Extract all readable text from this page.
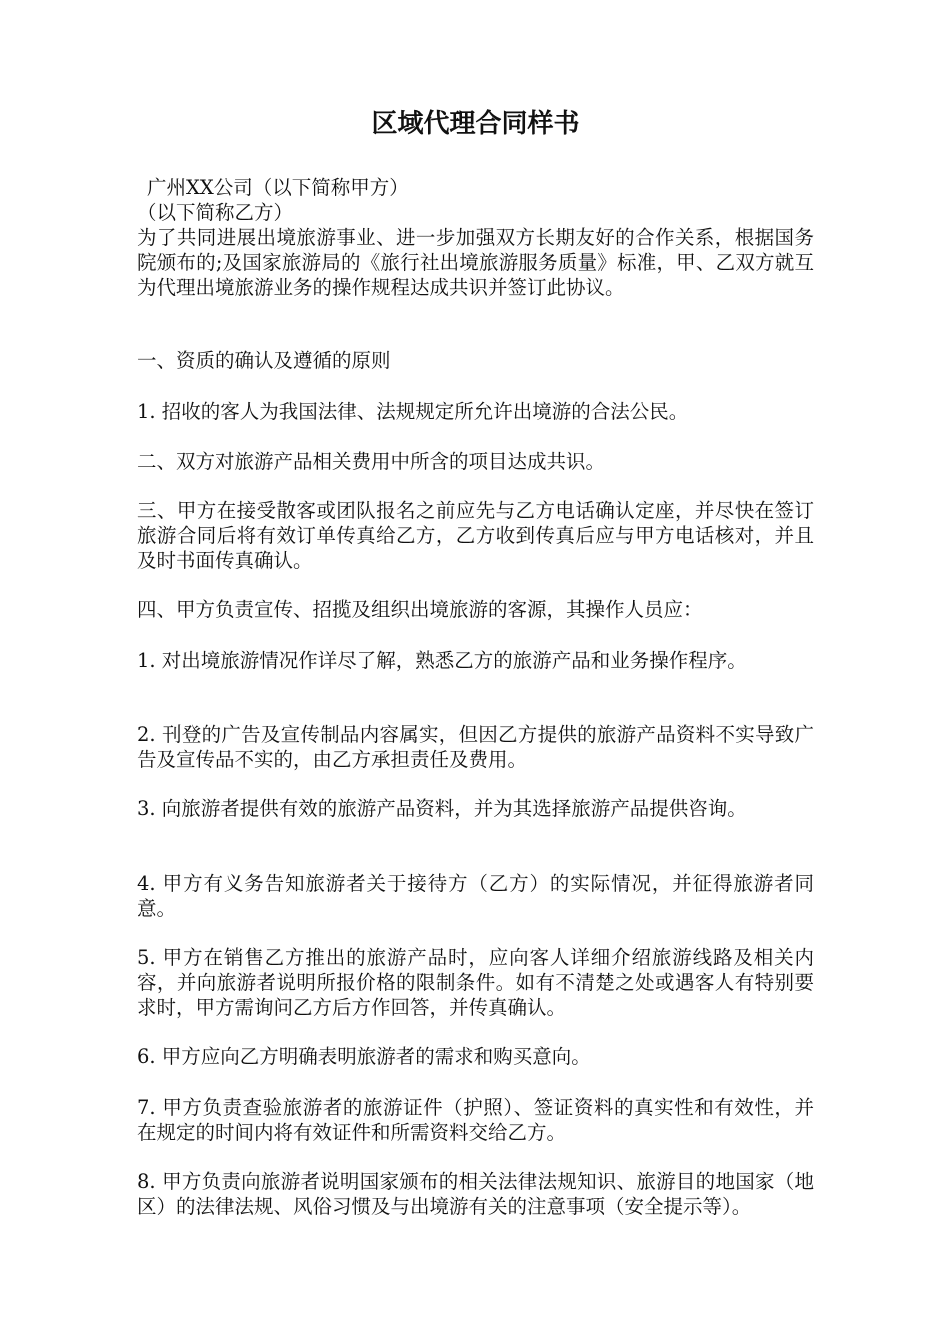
区域代理合同样书

广州XX公司（以下简称甲方）

（以下简称乙方）

为了共同进展出境旅游事业、进一步加强双方长期友好的合作关系，根据国务院颁布的;及国家旅游局的《旅行社出境旅游服务质量》标准，甲、乙双方就互为代理出境旅游业务的操作规程达成共识并签订此协议。

一、资质的确认及遵循的原则

1. 招收的客人为我国法律、法规规定所允许出境游的合法公民。

二、双方对旅游产品相关费用中所含的项目达成共识。

三、甲方在接受散客或团队报名之前应先与乙方电话确认定座，并尽快在签订旅游合同后将有效订单传真给乙方，乙方收到传真后应与甲方电话核对，并且及时书面传真确认。

四、甲方负责宣传、招揽及组织出境旅游的客源，其操作人员应：

1. 对出境旅游情况作详尽了解，熟悉乙方的旅游产品和业务操作程序。

2. 刊登的广告及宣传制品内容属实，但因乙方提供的旅游产品资料不实导致广告及宣传品不实的，由乙方承担责任及费用。

3. 向旅游者提供有效的旅游产品资料，并为其选择旅游产品提供咨询。

4. 甲方有义务告知旅游者关于接待方（乙方）的实际情况，并征得旅游者同意。

5. 甲方在销售乙方推出的旅游产品时，应向客人详细介绍旅游线路及相关内容，并向旅游者说明所报价格的限制条件。如有不清楚之处或遇客人有特别要求时，甲方需询问乙方后方作回答，并传真确认。

6. 甲方应向乙方明确表明旅游者的需求和购买意向。

7. 甲方负责查验旅游者的旅游证件（护照）、签证资料的真实性和有效性，并在规定的时间内将有效证件和所需资料交给乙方。

8. 甲方负责向旅游者说明国家颁布的相关法律法规知识、旅游目的地国家（地区）的法律法规、风俗习惯及与出境游有关的注意事项（安全提示等）。
